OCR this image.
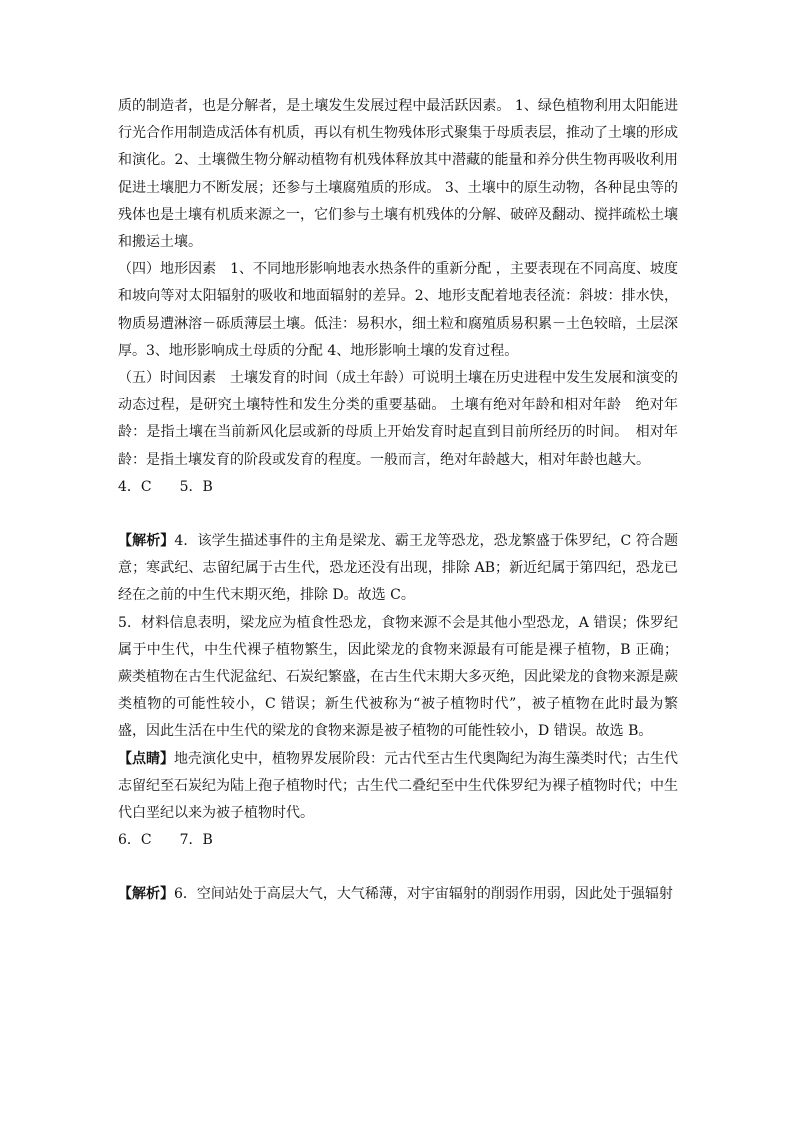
质的制造者，也是分解者，是土壤发生发展过程中最活跃因素。 1、绿色植物利用太阳能进行光合作用制造成活体有机质，再以有机生物残体形式聚集于母质表层，推动了土壤的形成和演化。2、土壤微生物分解动植物有机残体释放其中潜藏的能量和养分供生物再吸收利用促进土壤肥力不断发展；还参与土壤腐殖质的形成。 3、土壤中的原生动物，各种昆虫等的残体也是土壤有机质来源之一，它们参与土壤有机残体的分解、破碎及翻动、搅拌疏松土壤和搬运土壤。

（四）地形因素　1、不同地形影响地表水热条件的重新分配 ，主要表现在不同高度、坡度和坡向等对太阳辐射的吸收和地面辐射的差异。2、地形支配着地表径流：斜坡：排水快，物质易遭淋溶－砾质薄层土壤。低洼：易积水，细土粒和腐殖质易积累－土色较暗，土层深厚。3、地形影响成土母质的分配 4、地形影响土壤的发育过程。

（五）时间因素　土壤发育的时间（成土年龄）可说明土壤在历史进程中发生发展和演变的动态过程，是研究土壤特性和发生分类的重要基础。 土壤有绝对年龄和相对年龄　绝对年龄：是指土壤在当前新风化层或新的母质上开始发育时起直到目前所经历的时间。　相对年龄：是指土壤发育的阶段或发育的程度。一般而言，绝对年龄越大，相对年龄也越大。

4．C　　5．B

【解析】4．该学生描述事件的主角是梁龙、霸王龙等恐龙，恐龙繁盛于侏罗纪，C 符合题意；寒武纪、志留纪属于古生代，恐龙还没有出现，排除 AB；新近纪属于第四纪，恐龙已经在之前的中生代末期灭绝，排除 D。故选 C。

5．材料信息表明，梁龙应为植食性恐龙，食物来源不会是其他小型恐龙，A 错误；侏罗纪属于中生代，中生代裸子植物繁生，因此梁龙的食物来源最有可能是裸子植物，B 正确；蕨类植物在古生代泥盆纪、石炭纪繁盛，在古生代末期大多灭绝，因此梁龙的食物来源是蕨类植物的可能性较小，C 错误；新生代被称为“被子植物时代”，被子植物在此时最为繁盛，因此生活在中生代的梁龙的食物来源是被子植物的可能性较小，D 错误。故选 B。

【点睛】地壳演化史中，植物界发展阶段：元古代至古生代奥陶纪为海生藻类时代；古生代志留纪至石炭纪为陆上孢子植物时代；古生代二叠纪至中生代侏罗纪为裸子植物时代；中生代白垩纪以来为被子植物时代。

6．C　　7．B

【解析】6．空间站处于高层大气，大气稀薄，对宇宙辐射的削弱作用弱，因此处于强辐射
